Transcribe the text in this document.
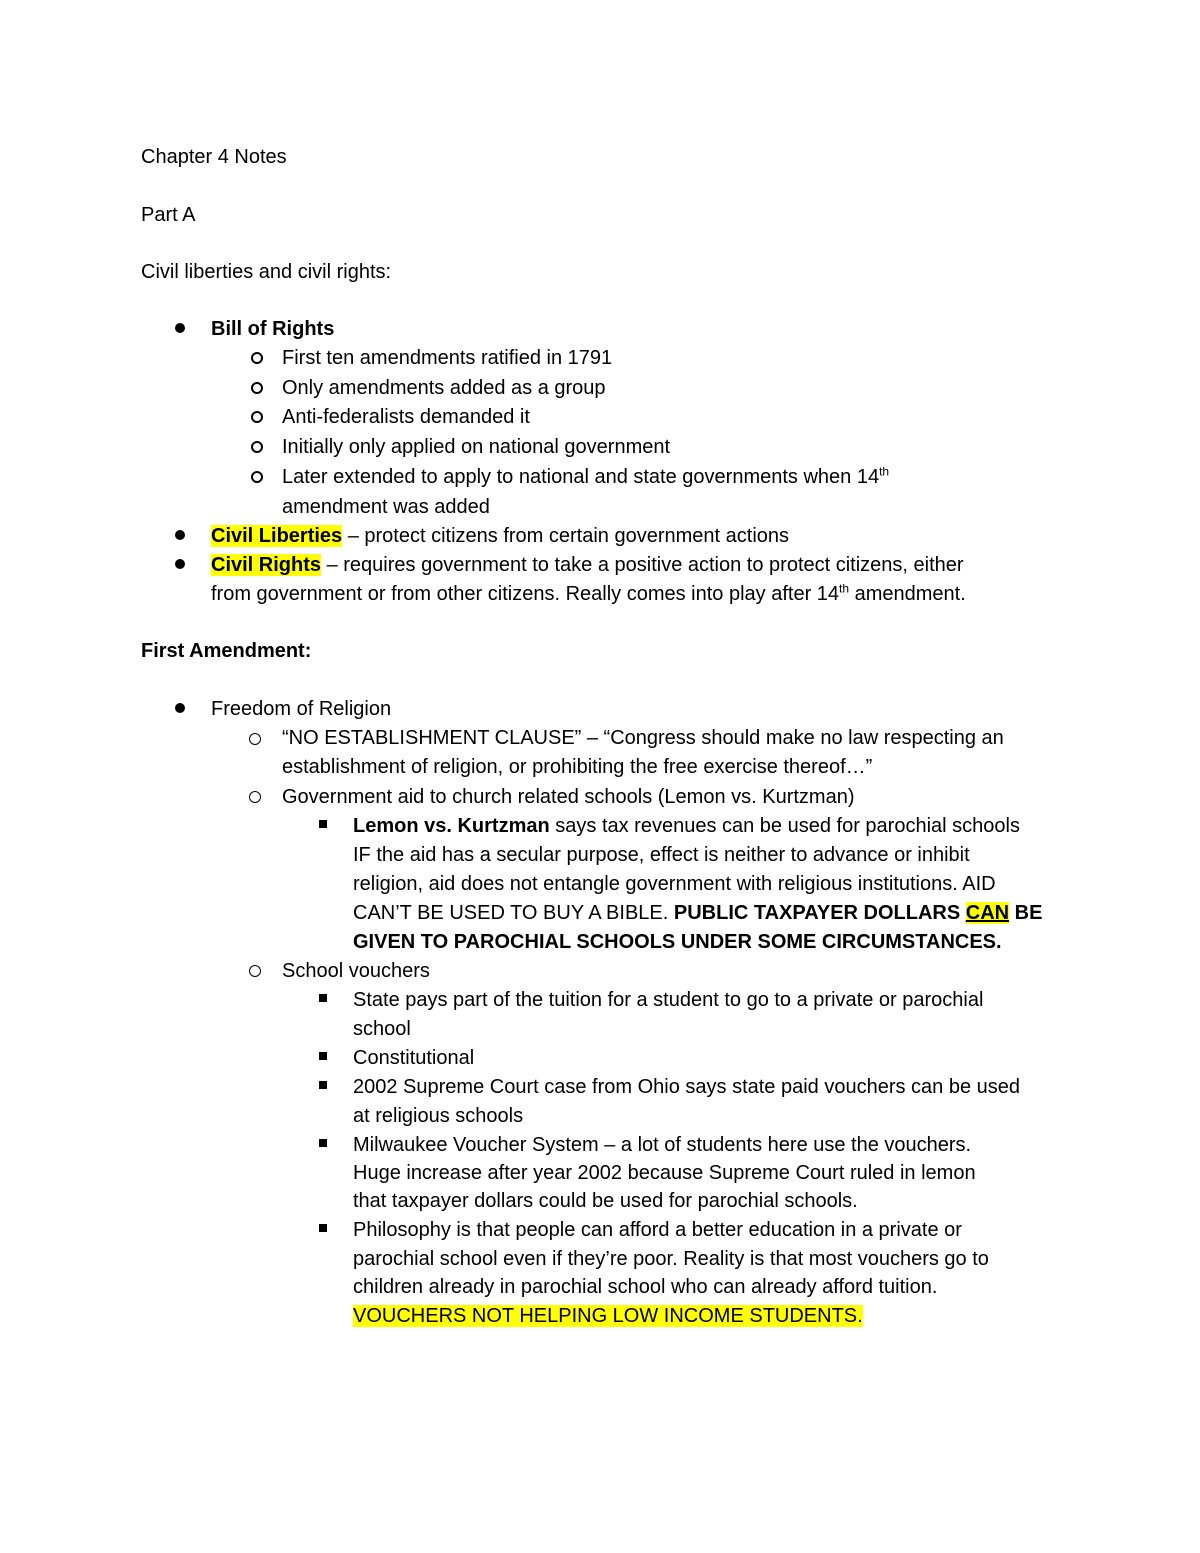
Chapter 4 Notes
Part A
Civil liberties and civil rights:
Bill of Rights
First ten amendments ratified in 1791
Only amendments added as a group
Anti-federalists demanded it
Initially only applied on national government
Later extended to apply to national and state governments when 14th
amendment was added
Civil Liberties – protect citizens from certain government actions
Civil Rights – requires government to take a positive action to protect citizens, either
from government or from other citizens. Really comes into play after 14th amendment.
First Amendment:
Freedom of Religion
“NO ESTABLISHMENT CLAUSE” – “Congress should make no law respecting an
establishment of religion, or prohibiting the free exercise thereof…”
Government aid to church related schools (Lemon vs. Kurtzman)
Lemon vs. Kurtzman says tax revenues can be used for parochial schools
IF the aid has a secular purpose, effect is neither to advance or inhibit
religion, aid does not entangle government with religious institutions. AID
CAN’T BE USED TO BUY A BIBLE. PUBLIC TAXPAYER DOLLARS CAN BE
GIVEN TO PAROCHIAL SCHOOLS UNDER SOME CIRCUMSTANCES.
School vouchers
State pays part of the tuition for a student to go to a private or parochial
school
Constitutional
2002 Supreme Court case from Ohio says state paid vouchers can be used
at religious schools
Milwaukee Voucher System – a lot of students here use the vouchers.
Huge increase after year 2002 because Supreme Court ruled in lemon
that taxpayer dollars could be used for parochial schools.
Philosophy is that people can afford a better education in a private or
parochial school even if they’re poor. Reality is that most vouchers go to
children already in parochial school who can already afford tuition.
VOUCHERS NOT HELPING LOW INCOME STUDENTS.
